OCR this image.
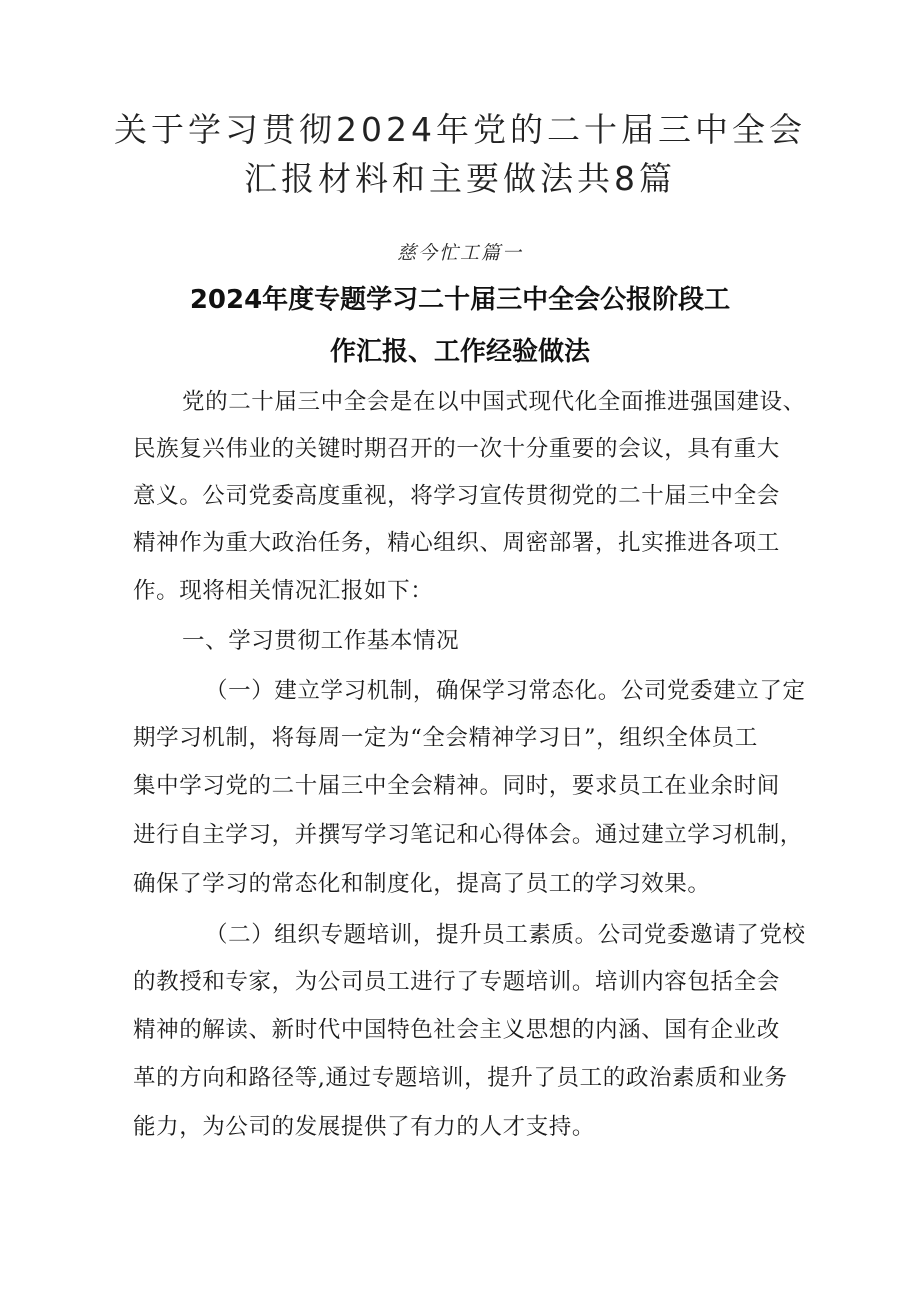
关于学习贯彻2024年党的二十届三中全会
汇报材料和主要做法共8篇
慈今忙工篇一
2024年度专题学习二十届三中全会公报阶段工
作汇报、工作经验做法
党的二十届三中全会是在以中国式现代化全面推进强国建设、
民族复兴伟业的关键时期召开的一次十分重要的会议，具有重大
意义。公司党委高度重视，将学习宣传贯彻党的二十届三中全会
精神作为重大政治任务，精心组织、周密部署，扎实推进各项工
作。现将相关情况汇报如下：
一、学习贯彻工作基本情况
（一）建立学习机制，确保学习常态化。公司党委建立了定
期学习机制，将每周一定为“全会精神学习日”，组织全体员工
集中学习党的二十届三中全会精神。同时，要求员工在业余时间
进行自主学习，并撰写学习笔记和心得体会。通过建立学习机制，
确保了学习的常态化和制度化，提高了员工的学习效果。
（二）组织专题培训，提升员工素质。公司党委邀请了党校
的教授和专家，为公司员工进行了专题培训。培训内容包括全会
精神的解读、新时代中国特色社会主义思想的内涵、国有企业改
革的方向和路径等,通过专题培训，提升了员工的政治素质和业务
能力，为公司的发展提供了有力的人才支持。
